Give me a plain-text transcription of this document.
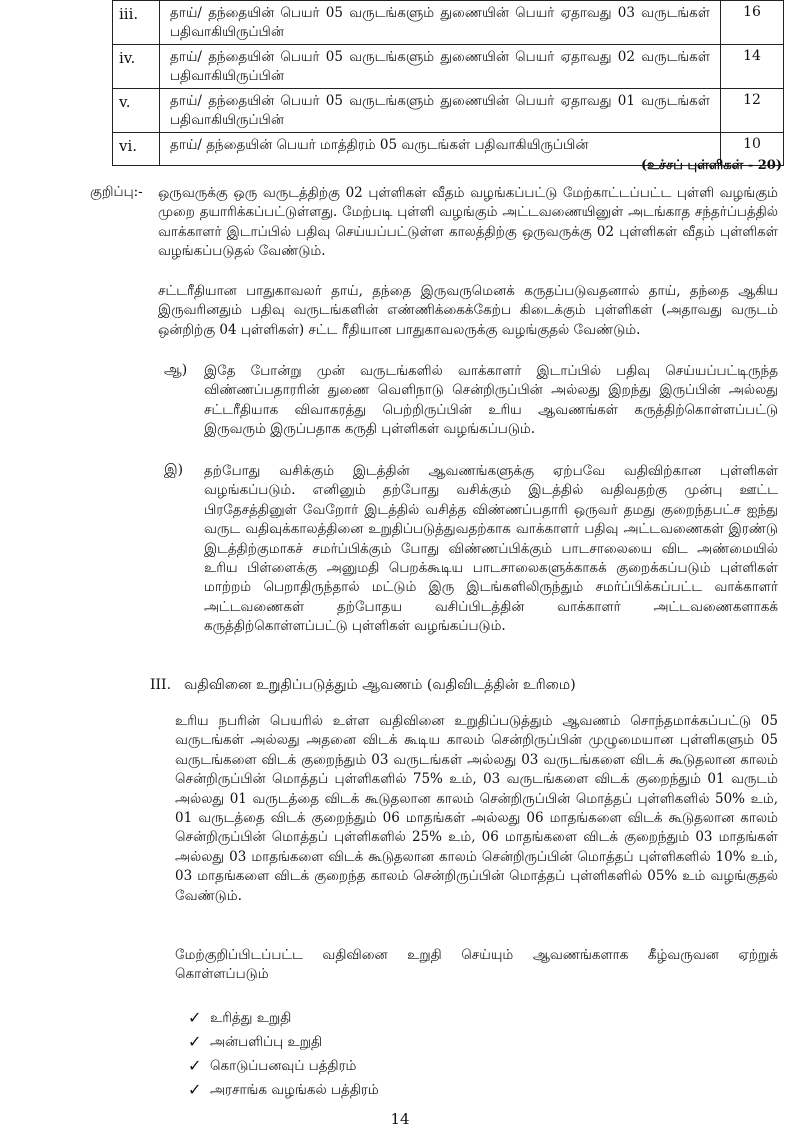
iii.	தாய்/ தந்தையின் பெயர் 05 வருடங்களும் துணையின் பெயர் ஏதாவது 03 வருடங்கள் பதிவாகியிருப்பின்	16
iv.	தாய்/ தந்தையின் பெயர் 05 வருடங்களும் துணையின் பெயர் ஏதாவது 02 வருடங்கள் பதிவாகியிருப்பின்	14
v.	தாய்/ தந்தையின் பெயர் 05 வருடங்களும் துணையின் பெயர் ஏதாவது 01 வருடங்கள் பதிவாகியிருப்பின்	12
vi.	தாய்/ தந்தையின் பெயர் மாத்திரம் 05 வருடங்கள் பதிவாகியிருப்பின்	10
(உச்சப் புள்ளிகள் - 20)
குறிப்பு:- ஒருவருக்கு ஒரு வருடத்திற்கு 02 புள்ளிகள் வீதம் வழங்கப்பட்டு மேற்காட்டப்பட்ட புள்ளி வழங்கும் முறை தயாரிக்கப்பட்டுள்ளது. மேற்படி புள்ளி வழங்கும் அட்டவணையினுள் அடங்காத சந்தர்ப்பத்தில் வாக்காளர் இடாப்பில் பதிவு செய்யப்பட்டுள்ள காலத்திற்கு ஒருவருக்கு 02 புள்ளிகள் வீதம் புள்ளிகள் வழங்கப்படுதல் வேண்டும்.
சட்டரீதியான பாதுகாவலர் தாய், தந்தை இருவருமெனக் கருதப்படுவதனால் தாய், தந்தை ஆகிய இருவரினதும் பதிவு வருடங்களின் எண்ணிக்கைக்கேற்ப கிடைக்கும் புள்ளிகள் (அதாவது வருடம் ஒன்றிற்கு 04 புள்ளிகள்) சட்ட ரீதியான பாதுகாவலருக்கு வழங்குதல் வேண்டும்.
ஆ) இதே போன்று முன் வருடங்களில் வாக்காளர் இடாப்பில் பதிவு செய்யப்பட்டிருந்த விண்ணப்பதாரரின் துணை வெளிநாடு சென்றிருப்பின் அல்லது இறந்து இருப்பின் அல்லது சட்டரீதியாக விவாகரத்து பெற்றிருப்பின் உரிய ஆவணங்கள் கருத்திற்கொள்ளப்பட்டு இருவரும் இருப்பதாக கருதி புள்ளிகள் வழங்கப்படும்.
இ) தற்போது வசிக்கும் இடத்தின் ஆவணங்களுக்கு ஏற்பவே வதிவிற்கான புள்ளிகள் வழங்கப்படும். எனினும் தற்போது வசிக்கும் இடத்தில் வதிவதற்கு முன்பு ஊட்ட பிரதேசத்தினுள் வேறோர் இடத்தில் வசித்த விண்ணப்பதாரி ஒருவர் தமது குறைந்தபட்ச ஐந்து வருட வதிவுக்காலத்தினை உறுதிப்படுத்துவதற்காக வாக்காளர் பதிவு அட்டவணைகள் இரண்டு இடத்திற்குமாகச் சமர்ப்பிக்கும் போது விண்ணப்பிக்கும் பாடசாலையை விட அண்மையில் உரிய பிள்ளைக்கு அனுமதி பெறக்கூடிய பாடசாலைகளுக்காகக் குறைக்கப்படும் புள்ளிகள் மாற்றம் பெறாதிருந்தால் மட்டும் இரு இடங்களிலிருந்தும் சமர்ப்பிக்கப்பட்ட வாக்காளர் அட்டவணைகள் தற்போதய வசிப்பிடத்தின் வாக்காளர் அட்டவணைகளாகக் கருத்திற்கொள்ளப்பட்டு புள்ளிகள் வழங்கப்படும்.
III. வதிவினை உறுதிப்படுத்தும் ஆவணம் (வதிவிடத்தின் உரிமை)
உரிய நபரின் பெயரில் உள்ள வதிவினை உறுதிப்படுத்தும் ஆவணம் சொந்தமாக்கப்பட்டு 05 வருடங்கள் அல்லது அதனை விடக் கூடிய காலம் சென்றிருப்பின் முழுமையான புள்ளிகளும் 05 வருடங்களை விடக் குறைந்தும் 03 வருடங்கள் அல்லது 03 வருடங்களை விடக் கூடுதலான காலம் சென்றிருப்பின் மொத்தப் புள்ளிகளில் 75% உம், 03 வருடங்களை விடக் குறைந்தும் 01 வருடம் அல்லது 01 வருடத்தை விடக் கூடுதலான காலம் சென்றிருப்பின் மொத்தப் புள்ளிகளில் 50% உம், 01 வருடத்தை விடக் குறைந்தும் 06 மாதங்கள் அல்லது 06 மாதங்களை விடக் கூடுதலான காலம் சென்றிருப்பின் மொத்தப் புள்ளிகளில் 25% உம், 06 மாதங்களை விடக் குறைந்தும் 03 மாதங்கள் அல்லது 03 மாதங்களை விடக் கூடுதலான காலம் சென்றிருப்பின் மொத்தப் புள்ளிகளில் 10% உம், 03 மாதங்களை விடக் குறைந்த காலம் சென்றிருப்பின் மொத்தப் புள்ளிகளில் 05% உம் வழங்குதல் வேண்டும்.
மேற்குறிப்பிடப்பட்ட வதிவினை உறுதி செய்யும் ஆவணங்களாக கீழ்வருவன ஏற்றுக் கொள்ளப்படும்
✓ உரித்து உறுதி
✓ அன்பளிப்பு உறுதி
✓ கொடுப்பனவுப் பத்திரம்
✓ அரசாங்க வழங்கல் பத்திரம்
14
